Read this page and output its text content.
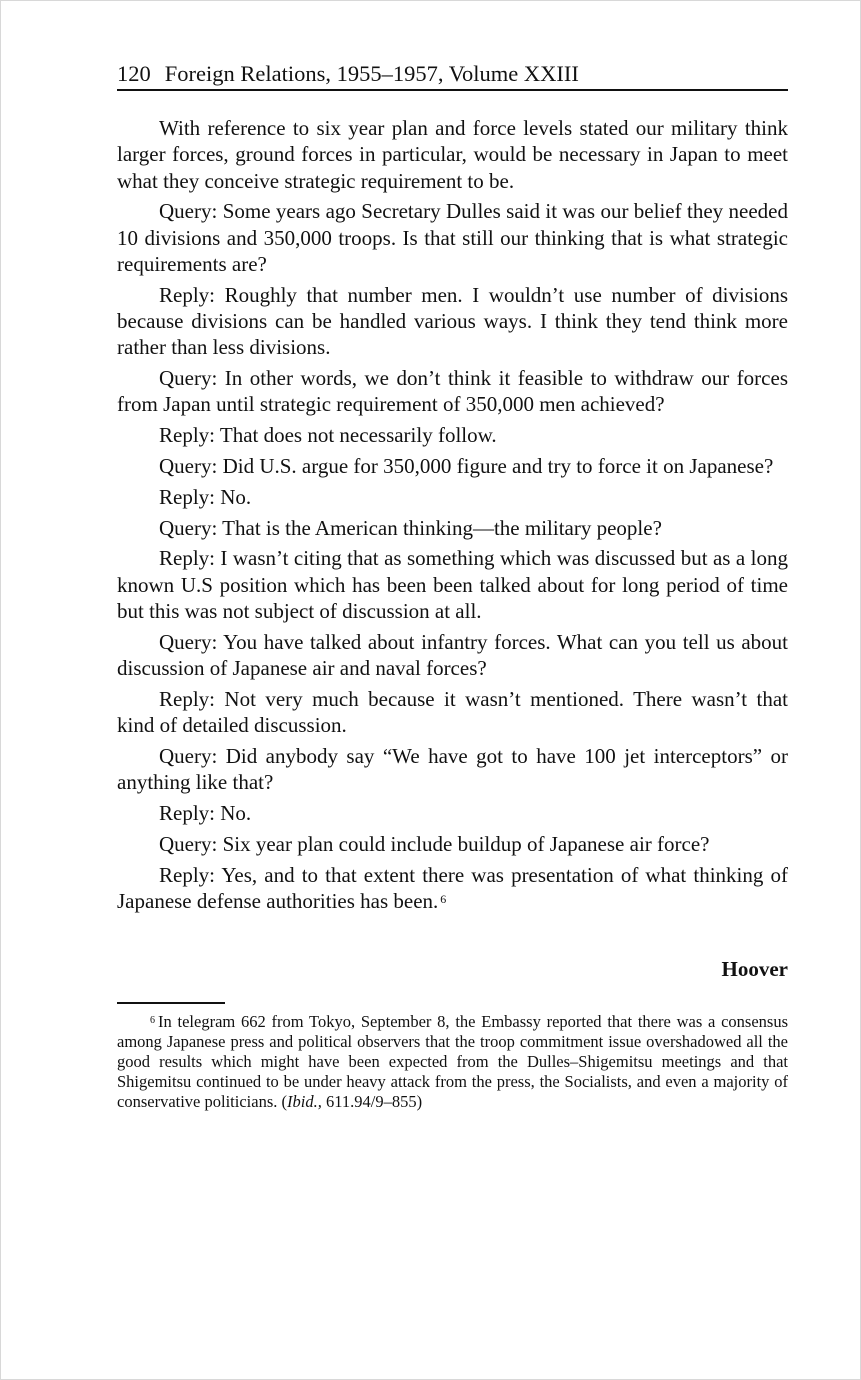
120 Foreign Relations, 1955–1957, Volume XXIII

With reference to six year plan and force levels stated our military think larger forces, ground forces in particular, would be necessary in Japan to meet what they conceive strategic requirement to be.

Query: Some years ago Secretary Dulles said it was our belief they needed 10 divisions and 350,000 troops. Is that still our thinking that is what strategic requirements are?

Reply: Roughly that number men. I wouldn’t use number of divisions because divisions can be handled various ways. I think they tend think more rather than less divisions.

Query: In other words, we don’t think it feasible to withdraw our forces from Japan until strategic requirement of 350,000 men achieved?

Reply: That does not necessarily follow.

Query: Did U.S. argue for 350,000 figure and try to force it on Japanese?

Reply: No.

Query: That is the American thinking—the military people?

Reply: I wasn’t citing that as something which was discussed but as a long known U.S position which has been been talked about for long period of time but this was not subject of discussion at all.

Query: You have talked about infantry forces. What can you tell us about discussion of Japanese air and naval forces?

Reply: Not very much because it wasn’t mentioned. There wasn’t that kind of detailed discussion.

Query: Did anybody say “We have got to have 100 jet interceptors” or anything like that?

Reply: No.

Query: Six year plan could include buildup of Japanese air force?

Reply: Yes, and to that extent there was presentation of what thinking of Japanese defense authorities has been. $^6$

Hoover

$^6$ In telegram 662 from Tokyo, September 8, the Embassy reported that there was a consensus among Japanese press and political observers that the troop commitment issue overshadowed all the good results which might have been expected from the Dulles–Shigemitsu meetings and that Shigemitsu continued to be under heavy attack from the press, the Socialists, and even a majority of conservative politicians. (Ibid., 611.94/9–855)
